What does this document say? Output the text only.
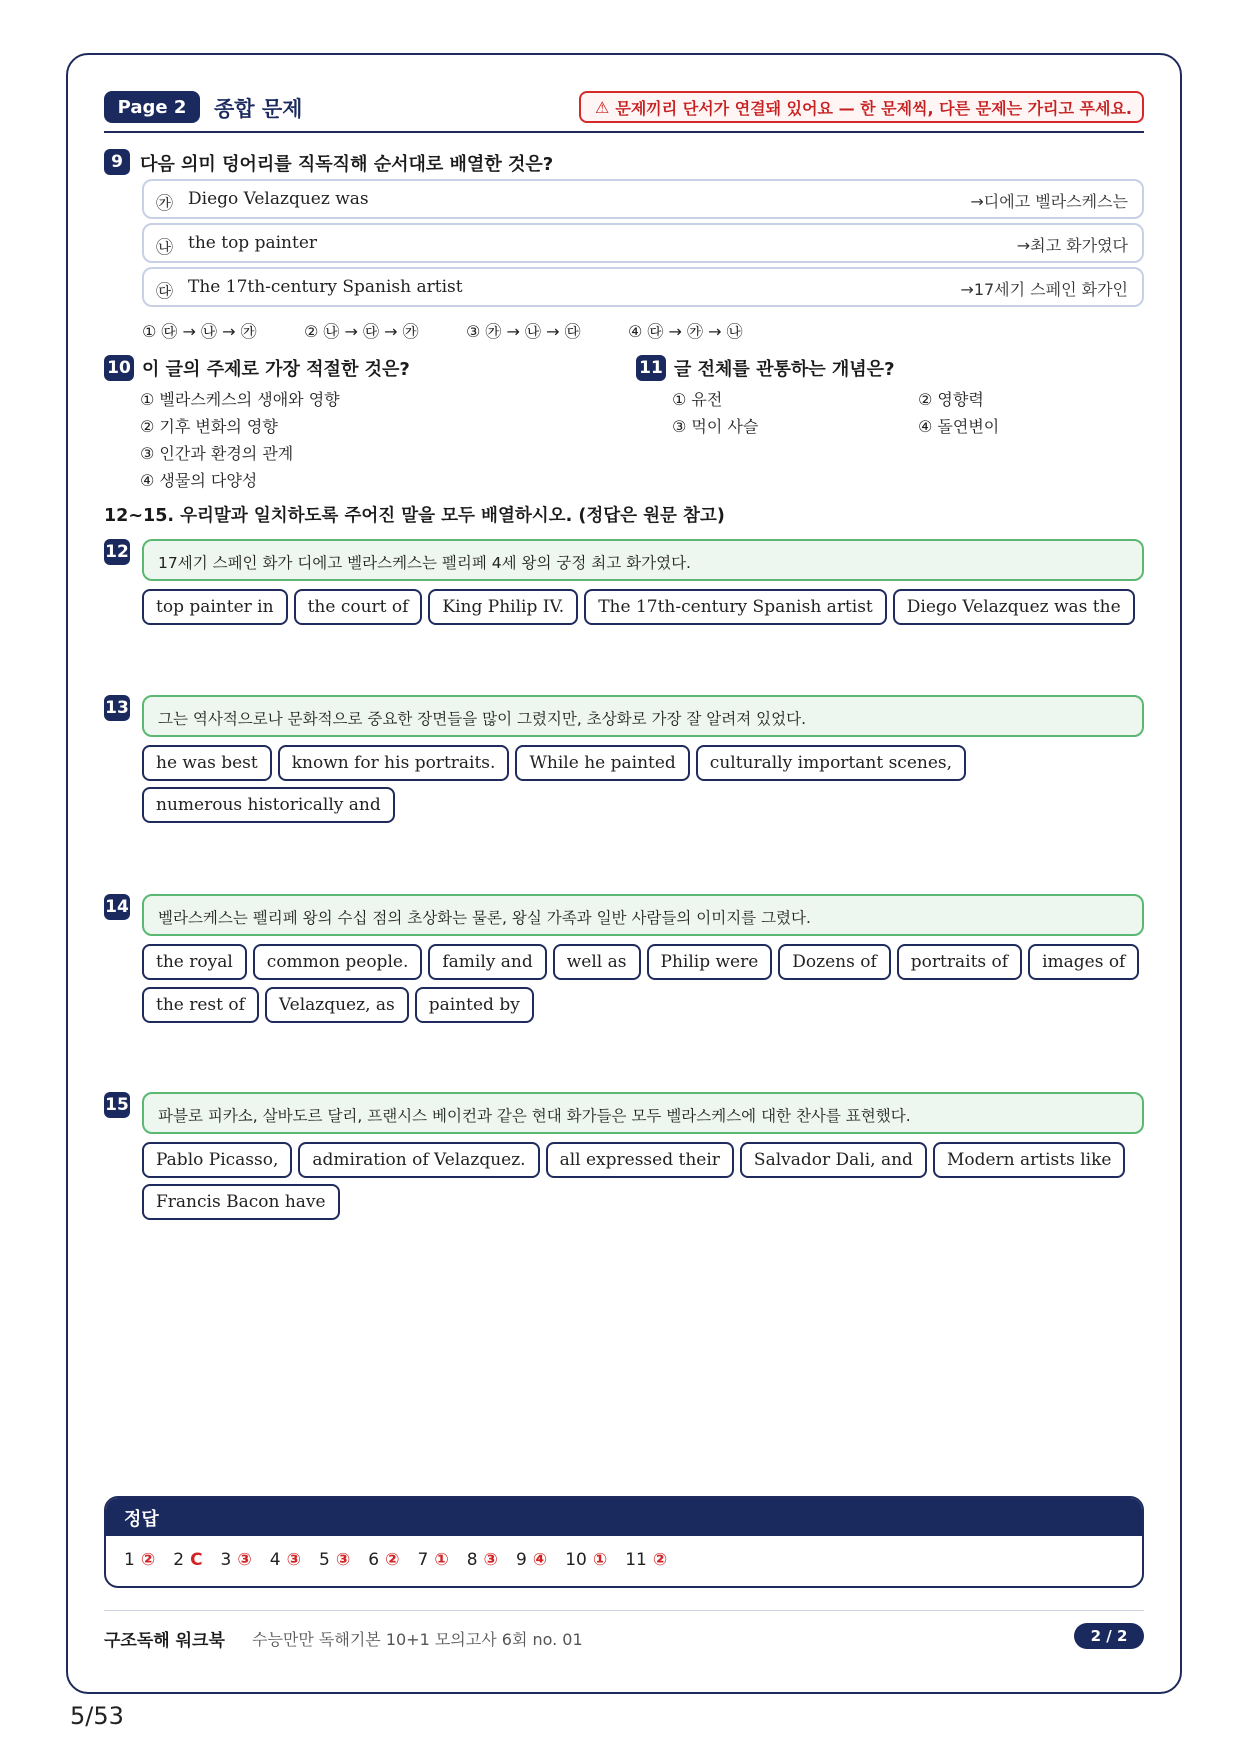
Page 2	종합 문제	⚠ 문제끼리 단서가 연결돼 있어요 — 한 문제씩, 다른 문제는 가리고 푸세요.
9 다음 의미 덩어리를 직독직해 순서대로 배열한 것은?
㉮ Diego Velazquez was	→디에고 벨라스케스는
㉯ the top painter	→최고 화가였다
㉰ The 17th-century Spanish artist	→17세기 스페인 화가인
① ㉰ → ㉯ → ㉮	② ㉯ → ㉰ → ㉮	③ ㉮ → ㉯ → ㉰	④ ㉰ → ㉮ → ㉯
10 이 글의 주제로 가장 적절한 것은?
① 벨라스케스의 생애와 영향
② 기후 변화의 영향
③ 인간과 환경의 관계
④ 생물의 다양성
11 글 전체를 관통하는 개념은?
① 유전	② 영향력
③ 먹이 사슬	④ 돌연변이
12~15. 우리말과 일치하도록 주어진 말을 모두 배열하시오. (정답은 원문 참고)
12
17세기 스페인 화가 디에고 벨라스케스는 펠리페 4세 왕의 궁정 최고 화가였다.
top painter in	the court of	King Philip IV.	The 17th-century Spanish artist	Diego Velazquez was the
13
그는 역사적으로나 문화적으로 중요한 장면들을 많이 그렸지만, 초상화로 가장 잘 알려져 있었다.
he was best	known for his portraits.	While he painted	culturally important scenes,
numerous historically and
14
벨라스케스는 펠리페 왕의 수십 점의 초상화는 물론, 왕실 가족과 일반 사람들의 이미지를 그렸다.
the royal	common people.	family and	well as	Philip were	Dozens of	portraits of	images of
the rest of	Velazquez, as	painted by
15
파블로 피카소, 살바도르 달리, 프랜시스 베이컨과 같은 현대 화가들은 모두 벨라스케스에 대한 찬사를 표현했다.
Pablo Picasso,	admiration of Velazquez.	all expressed their	Salvador Dali, and	Modern artists like
Francis Bacon have
정답
1 ② 2 C 3 ③ 4 ③ 5 ③ 6 ② 7 ① 8 ③ 9 ④ 10 ① 11 ②
구조독해 워크북 수능만만 독해기본 10+1 모의고사 6회 no. 01	2 / 2
5/53
